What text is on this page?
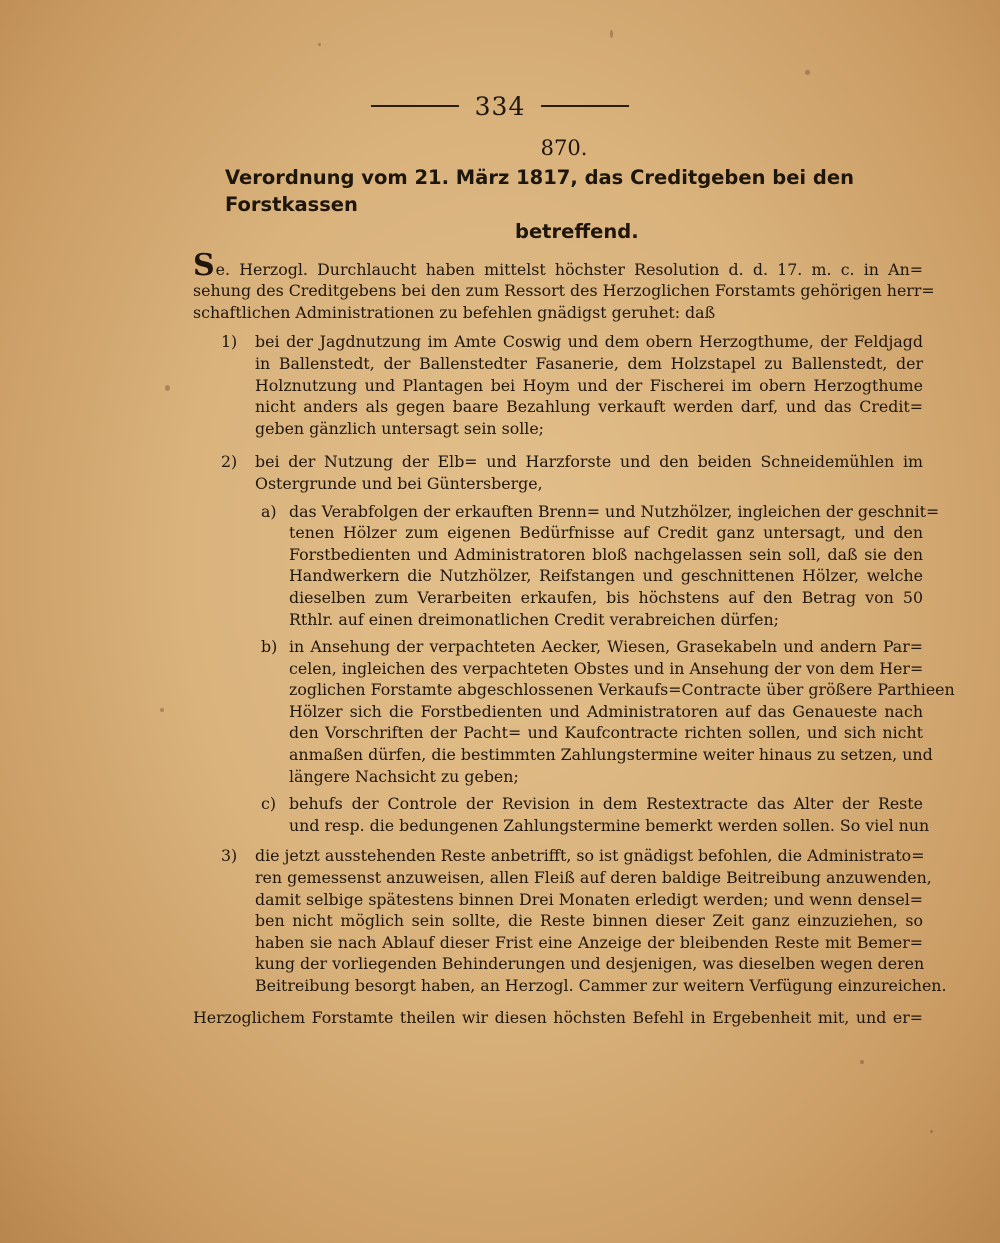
334
870.
Verordnung vom 21. März 1817, das Creditgeben bei den Forstkassen
betreffend.

Se. Herzogl. Durchlaucht haben mittelst höchster Resolution d. d. 17. m. c. in An=
sehung des Creditgebens bei den zum Ressort des Herzoglichen Forstamts gehörigen herr=
schaftlichen Administrationen zu befehlen gnädigst geruhet: daß

1) bei der Jagdnutzung im Amte Coswig und dem obern Herzogthume, der Feldjagd
in Ballenstedt, der Ballenstedter Fasanerie, dem Holzstapel zu Ballenstedt, der
Holznutzung und Plantagen bei Hoym und der Fischerei im obern Herzogthume
nicht anders als gegen baare Bezahlung verkauft werden darf, und das Credit=
geben gänzlich untersagt sein solle;
2) bei der Nutzung der Elb= und Harzforste und den beiden Schneidemühlen im
Ostergrunde und bei Güntersberge,
a) das Verabfolgen der erkauften Brenn= und Nutzhölzer, ingleichen der geschnit=
tenen Hölzer zum eigenen Bedürfnisse auf Credit ganz untersagt, und den
Forstbedienten und Administratoren bloß nachgelassen sein soll, daß sie den
Handwerkern die Nutzhölzer, Reifstangen und geschnittenen Hölzer, welche
dieselben zum Verarbeiten erkaufen, bis höchstens auf den Betrag von 50
Rthlr. auf einen dreimonatlichen Credit verabreichen dürfen;
b) in Ansehung der verpachteten Aecker, Wiesen, Grasekabeln und andern Par=
celen, ingleichen des verpachteten Obstes und in Ansehung der von dem Her=
zoglichen Forstamte abgeschlossenen Verkaufs=Contracte über größere Parthieen
Hölzer sich die Forstbedienten und Administratoren auf das Genaueste nach
den Vorschriften der Pacht= und Kaufcontracte richten sollen, und sich nicht
anmaßen dürfen, die bestimmten Zahlungstermine weiter hinaus zu setzen, und
längere Nachsicht zu geben;
c) behufs der Controle der Revision in dem Restextracte das Alter der Reste
und resp. die bedungenen Zahlungstermine bemerkt werden sollen. So viel nun
3) die jetzt ausstehenden Reste anbetrifft, so ist gnädigst befohlen, die Administrato=
ren gemessenst anzuweisen, allen Fleiß auf deren baldige Beitreibung anzuwenden,
damit selbige spätestens binnen Drei Monaten erledigt werden; und wenn densel=
ben nicht möglich sein sollte, die Reste binnen dieser Zeit ganz einzuziehen, so
haben sie nach Ablauf dieser Frist eine Anzeige der bleibenden Reste mit Bemer=
kung der vorliegenden Behinderungen und desjenigen, was dieselben wegen deren
Beitreibung besorgt haben, an Herzogl. Cammer zur weitern Verfügung einzureichen.

Herzoglichem Forstamte theilen wir diesen höchsten Befehl in Ergebenheit mit, und er=
